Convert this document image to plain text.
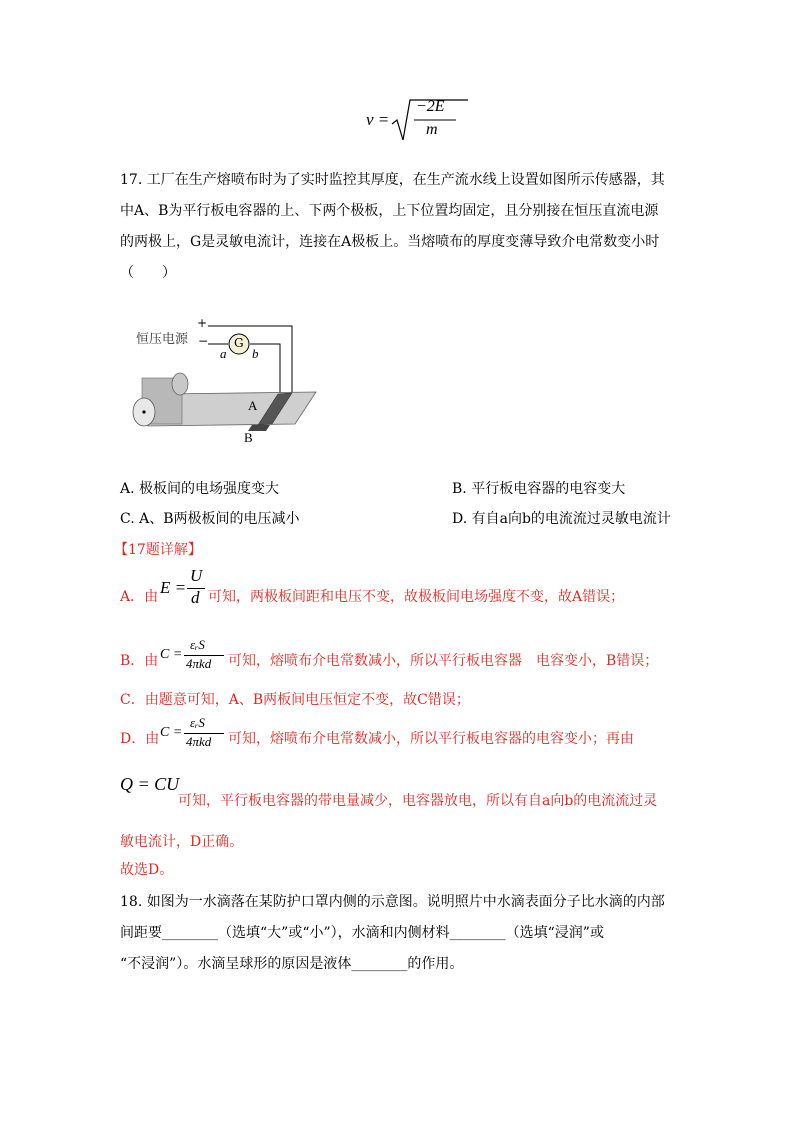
v =
−2E
m
17. 工厂在生产熔喷布时为了实时监控其厚度，在生产流水线上设置如图所示传感器，其
中A、B为平行板电容器的上、下两个极板，上下位置均固定，且分别接在恒压直流电源
的两极上，G是灵敏电流计，连接在A极板上。当熔喷布的厚度变薄导致介电常数变小时
（　　）
恒压电源
+
− G
a b
A
B
A. 极板间的电场强度变大	B. 平行板电容器的电容变大
C. A、B两极板间的电压减小	D. 有自a向b的电流流过灵敏电流计
【17题详解】
A．由 E =
U
d 可知，两极板间距和电压不变，故极板间电场强度不变，故A错误；
B．由 C =
εᵣS
4πkd 可知，熔喷布介电常数减小，所以平行板电容器　电容变小，B错误；
C．由题意可知，A、B两板间电压恒定不变，故C错误；
D．由 C =
εᵣS
4πkd 可知，熔喷布介电常数减小，所以平行板电容器的电容变小；再由
Q = CU
可知，平行板电容器的带电量减少，电容器放电，所以有自a向b的电流流过灵
敏电流计，D正确。
故选D。
18. 如图为一水滴落在某防护口罩内侧的示意图。说明照片中水滴表面分子比水滴的内部
间距要________（选填“大”或“小”），水滴和内侧材料________（选填“浸润”或
“不浸润”）。水滴呈球形的原因是液体________的作用。
